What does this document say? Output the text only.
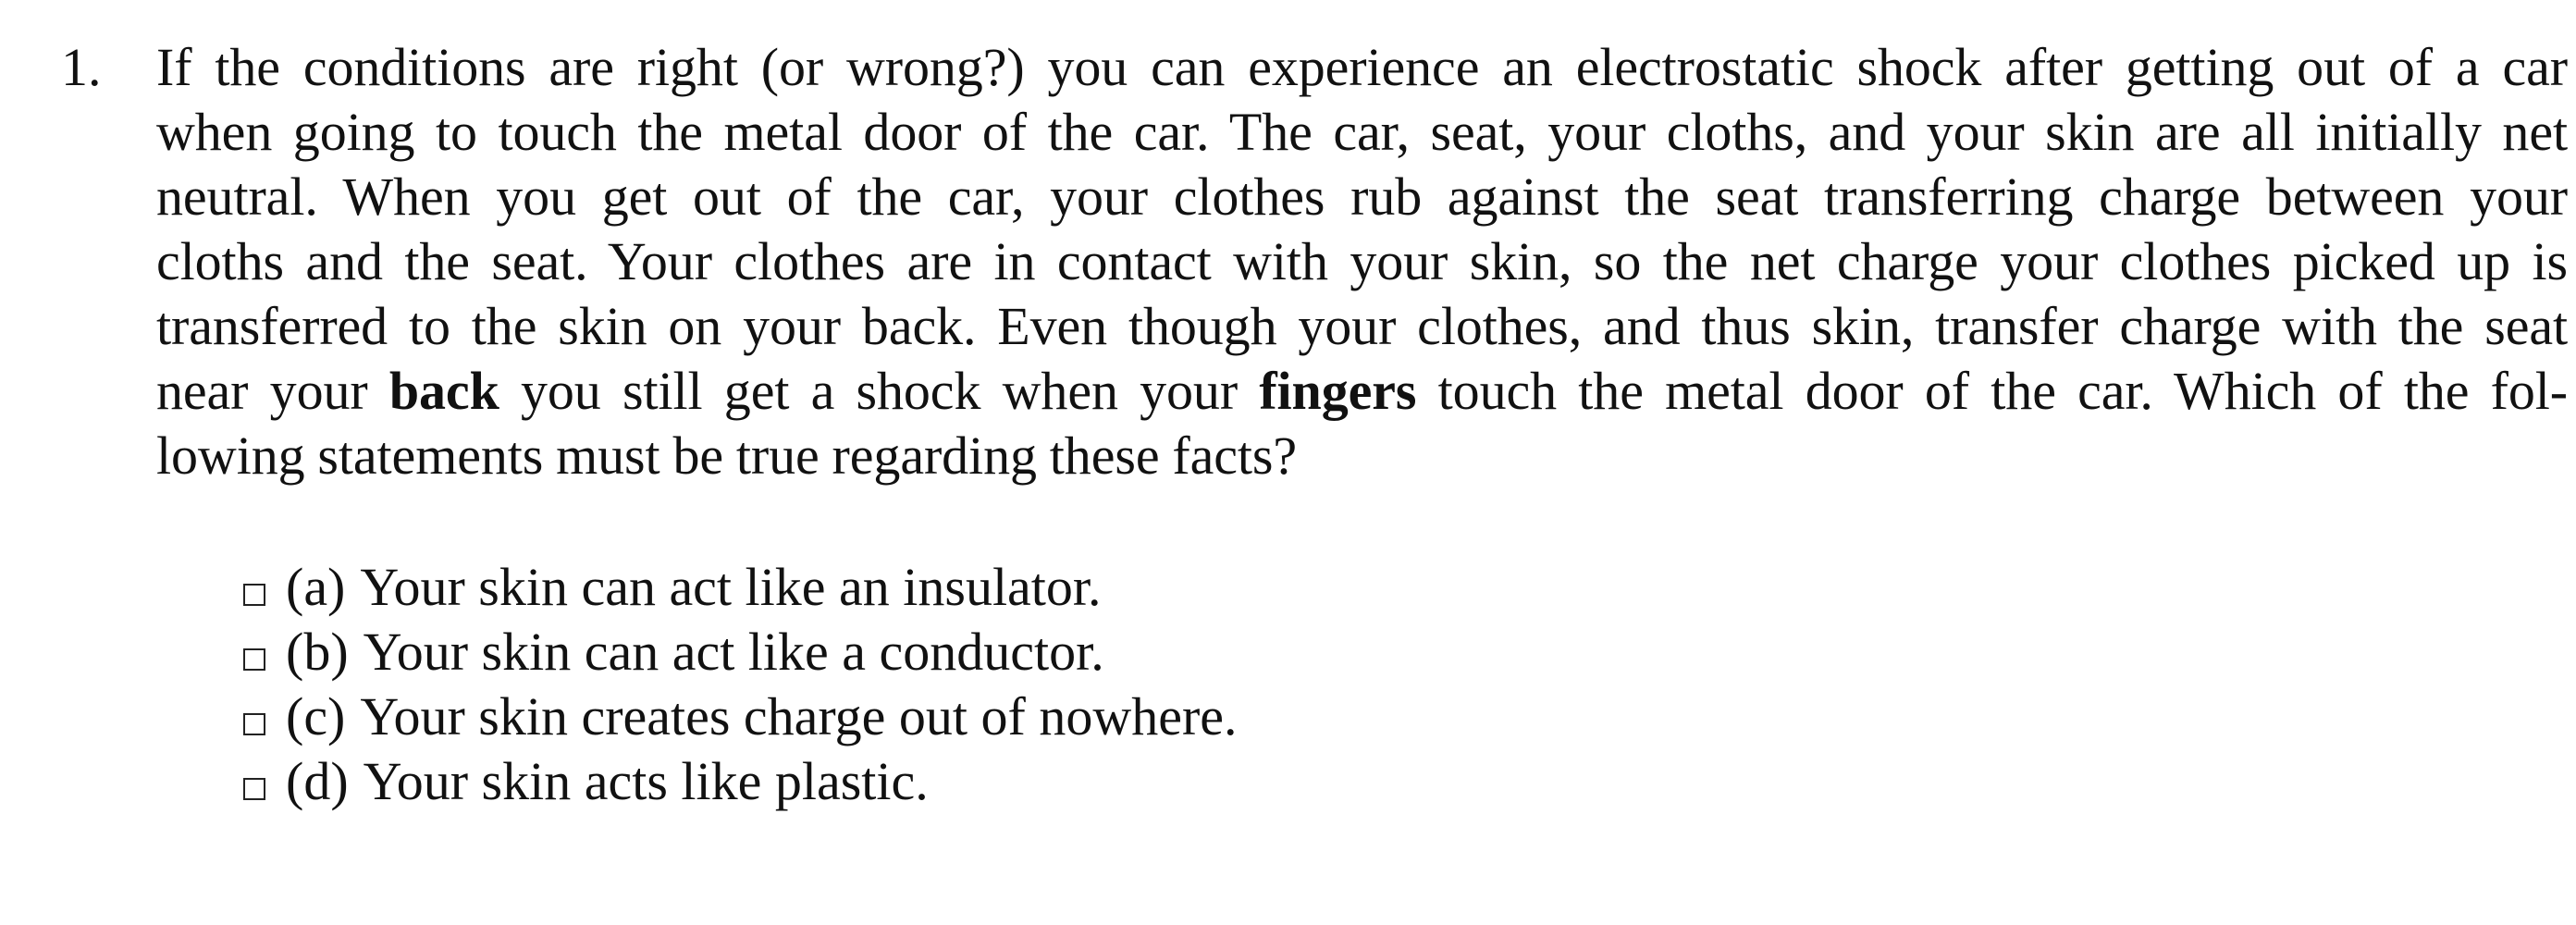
1. If the conditions are right (or wrong?) you can experience an electrostatic shock after getting out of a car
when going to touch the metal door of the car. The car, seat, your cloths, and your skin are all initially net
neutral. When you get out of the car, your clothes rub against the seat transferring charge between your
cloths and the seat. Your clothes are in contact with your skin, so the net charge your clothes picked up is
transferred to the skin on your back. Even though your clothes, and thus skin, transfer charge with the seat
near your back you still get a shock when your fingers touch the metal door of the car. Which of the fol-
lowing statements must be true regarding these facts?
(a) Your skin can act like an insulator.
(b) Your skin can act like a conductor.
(c) Your skin creates charge out of nowhere.
(d) Your skin acts like plastic.
